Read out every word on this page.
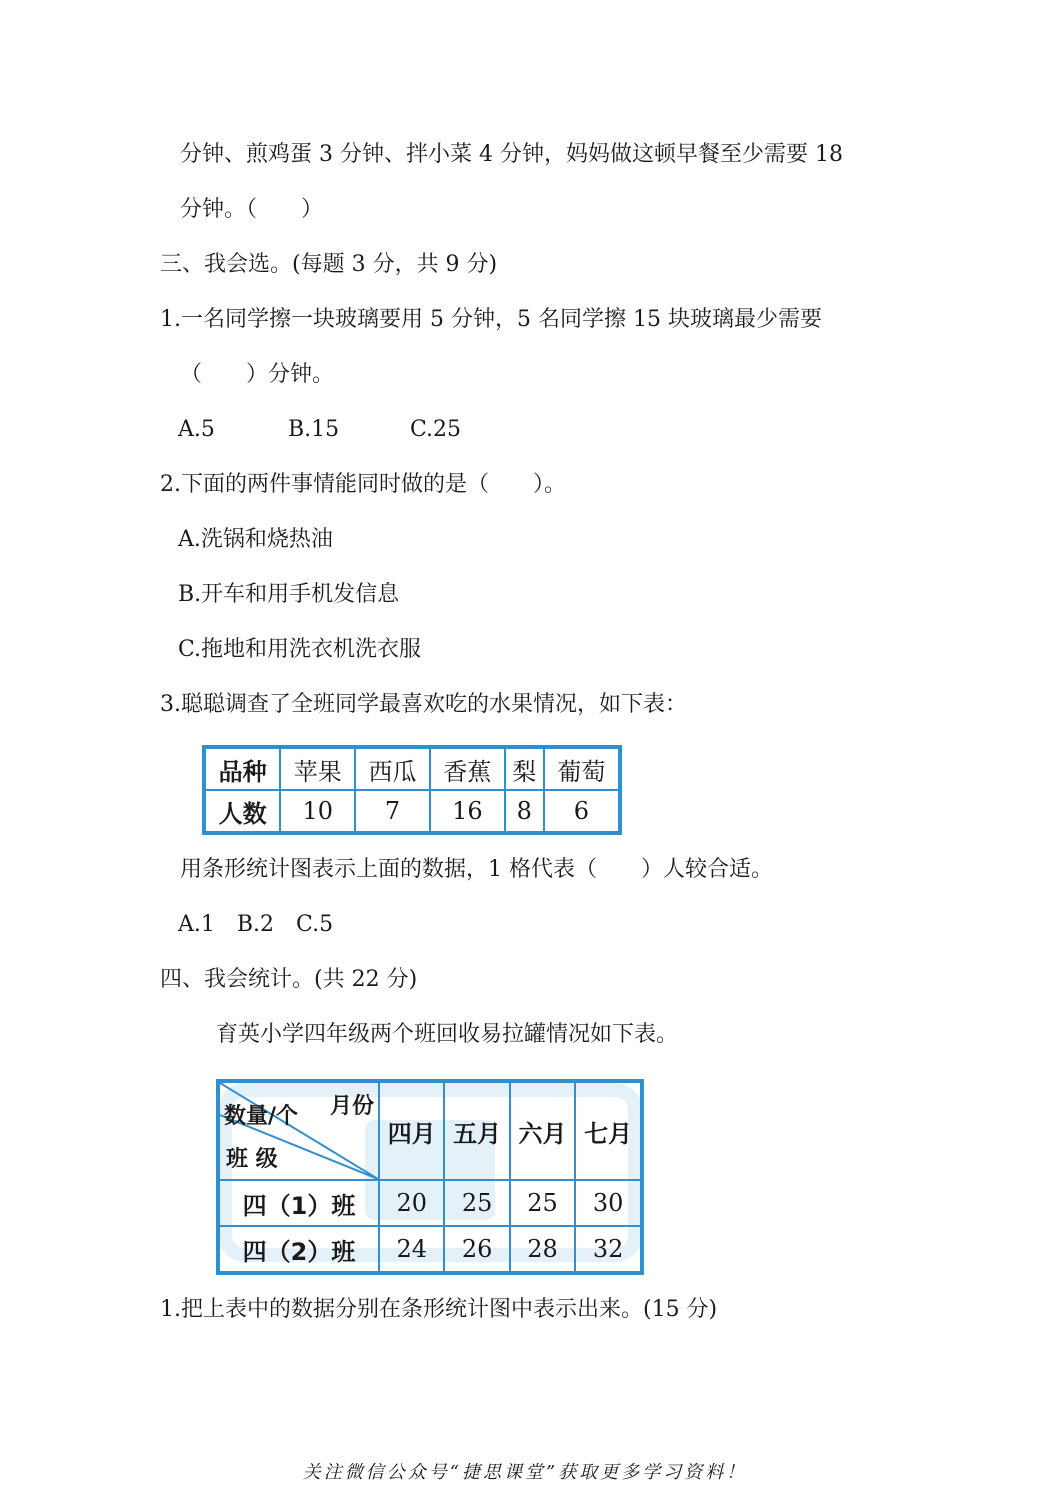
分钟、煎鸡蛋 3 分钟、拌小菜 4 分钟，妈妈做这顿早餐至少需要 18
分钟。（　　）
三、我会选。(每题 3 分，共 9 分)
1.一名同学擦一块玻璃要用 5 分钟，5 名同学擦 15 块玻璃最少需要
（　　）分钟。
A.5	B.15	C.25
2.下面的两件事情能同时做的是（　　）。
A.洗锅和烧热油
B.开车和用手机发信息
C.拖地和用洗衣机洗衣服
3.聪聪调查了全班同学最喜欢吃的水果情况，如下表：
品种	苹果	西瓜	香蕉	梨	葡萄
人数	10	7	16	8	6
用条形统计图表示上面的数据，1 格代表（　　）人较合适。
A.1　B.2　C.5
四、我会统计。(共 22 分)
育英小学四年级两个班回收易拉罐情况如下表。
月份
数量/个
班 级	四月	五月	六月	七月
四（1）班	20	25	25	30
四（2）班	24	26	28	32
1.把上表中的数据分别在条形统计图中表示出来。(15 分)
关注微信公众号“捷思课堂”获取更多学习资料！
